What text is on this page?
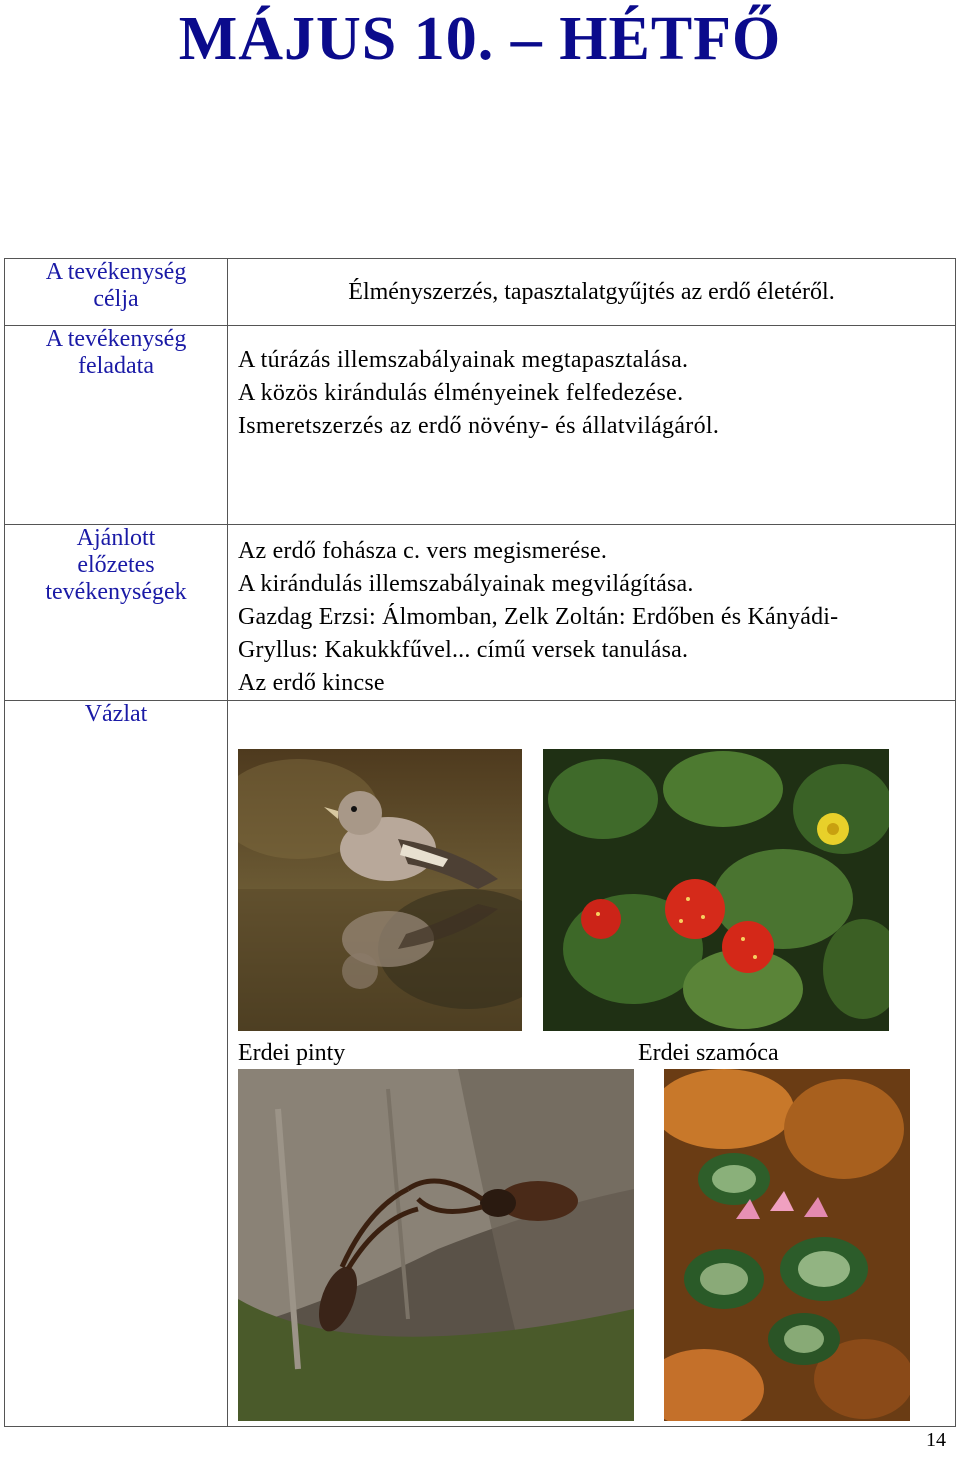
MÁJUS 10. – HÉTFŐ
A tevékenység
célja	Élményszerzés, tapasztalatgyűjtés az erdő életéről.

A tevékenység
feladata	A túrázás illemszabályainak megtapasztalása.
A közös kirándulás élményeinek felfedezése.
Ismeretszerzés az erdő növény- és állatvilágáról.

Ajánlott
előzetes
tevékenységek	Az erdő fohásza c. vers megismerése.
A kirándulás illemszabályainak megvilágítása.
Gazdag Erzsi: Álmomban, Zelk Zoltán: Erdőben és Kányádi-
Gryllus: Kakukkfűvel... című versek tanulása.
Az erdő kincse

Vázlat	Erdei pinty Erdei szamóca
14
